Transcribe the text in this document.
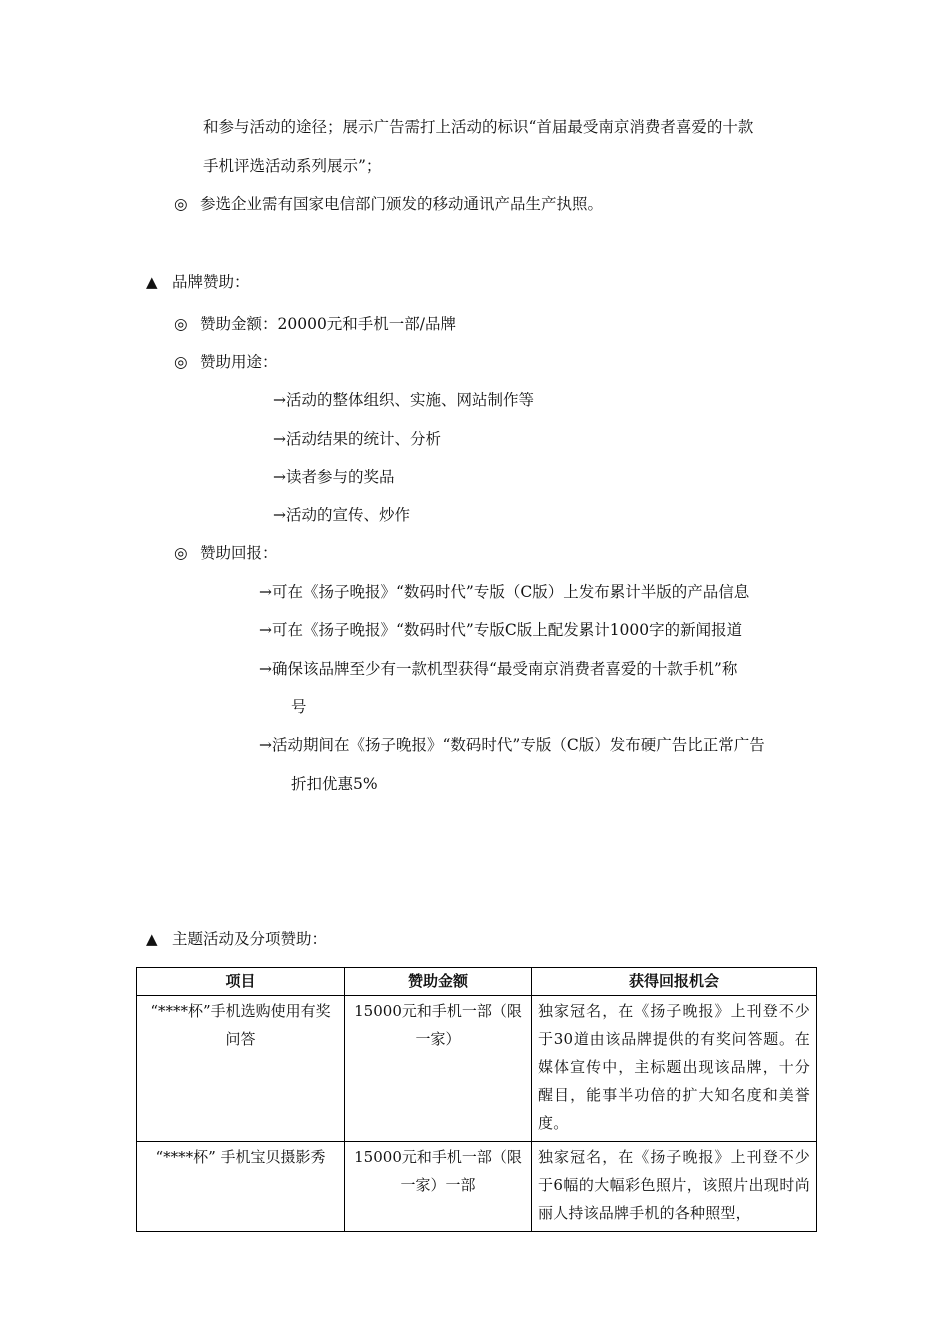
和参与活动的途径；展示广告需打上活动的标识“首届最受南京消费者喜爱的十款
手机评选活动系列展示”；
◎ 参选企业需有国家电信部门颁发的移动通讯产品生产执照。
▲ 品牌赞助：
◎ 赞助金额：20000元和手机一部/品牌
◎ 赞助用途：
→活动的整体组织、实施、网站制作等
→活动结果的统计、分析
→读者参与的奖品
→活动的宣传、炒作
◎ 赞助回报：
→可在《扬子晚报》“数码时代”专版（C版）上发布累计半版的产品信息
→可在《扬子晚报》“数码时代”专版C版上配发累计1000字的新闻报道
→确保该品牌至少有一款机型获得“最受南京消费者喜爱的十款手机”称
号
→活动期间在《扬子晚报》“数码时代”专版（C版）发布硬广告比正常广告
折扣优惠5%
▲ 主题活动及分项赞助：
项目	赞助金额	获得回报机会
“****杯”手机选购使用有奖问答	15000元和手机一部（限一家）	独家冠名，在《扬子晚报》上刊登不少于30道由该品牌提供的有奖问答题。在媒体宣传中，主标题出现该品牌，十分醒目，能事半功倍的扩大知名度和美誉度。
“****杯” 手机宝贝摄影秀	15000元和手机一部（限一家）一部	独家冠名，在《扬子晚报》上刊登不少于6幅的大幅彩色照片，该照片出现时尚丽人持该品牌手机的各种照型，
